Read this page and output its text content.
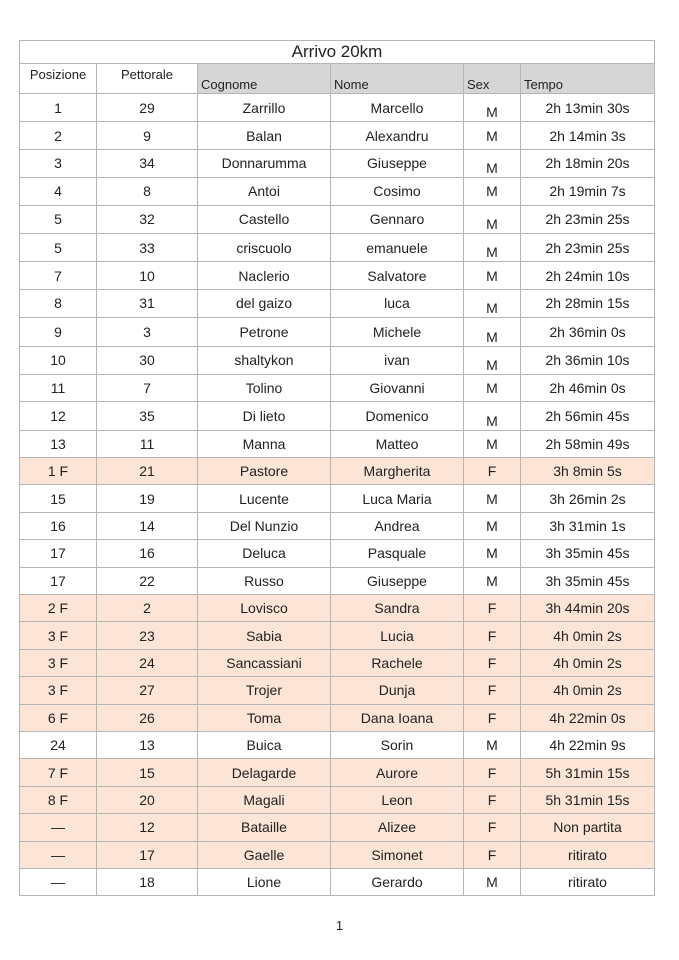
Arrivo 20km					
Posizione	Pettorale	Cognome	Nome	Sex	Tempo
1	29	Zarrillo	Marcello	M	2h 13min 30s
2	9	Balan	Alexandru	M	2h 14min 3s
3	34	Donnarumma	Giuseppe	M	2h 18min 20s
4	8	Antoi	Cosimo	M	2h 19min 7s
5	32	Castello	Gennaro	M	2h 23min 25s
5	33	criscuolo	emanuele	M	2h 23min 25s
7	10	Naclerio	Salvatore	M	2h 24min 10s
8	31	del gaizo	luca	M	2h 28min 15s
9	3	Petrone	Michele	M	2h 36min 0s
10	30	shaltykon	ivan	M	2h 36min 10s
11	7	Tolino	Giovanni	M	2h 46min 0s
12	35	Di lieto	Domenico	M	2h 56min 45s
13	11	Manna	Matteo	M	2h 58min 49s
1 F	21	Pastore	Margherita	F	3h 8min 5s
15	19	Lucente	Luca Maria	M	3h 26min 2s
16	14	Del Nunzio	Andrea	M	3h 31min 1s
17	16	Deluca	Pasquale	M	3h 35min 45s
17	22	Russo	Giuseppe	M	3h 35min 45s
2 F	2	Lovisco	Sandra	F	3h 44min 20s
3 F	23	Sabia	Lucia	F	4h 0min 2s
3 F	24	Sancassiani	Rachele	F	4h 0min 2s
3 F	27	Trojer	Dunja	F	4h 0min 2s
6 F	26	Toma	Dana Ioana	F	4h 22min 0s
24	13	Buica	Sorin	M	4h 22min 9s
7 F	15	Delagarde	Aurore	F	5h 31min 15s
8 F	20	Magali	Leon	F	5h 31min 15s
—	12	Bataille	Alizee	F	Non partita
—	17	Gaelle	Simonet	F	ritirato
—	18	Lione	Gerardo	M	ritirato
1
